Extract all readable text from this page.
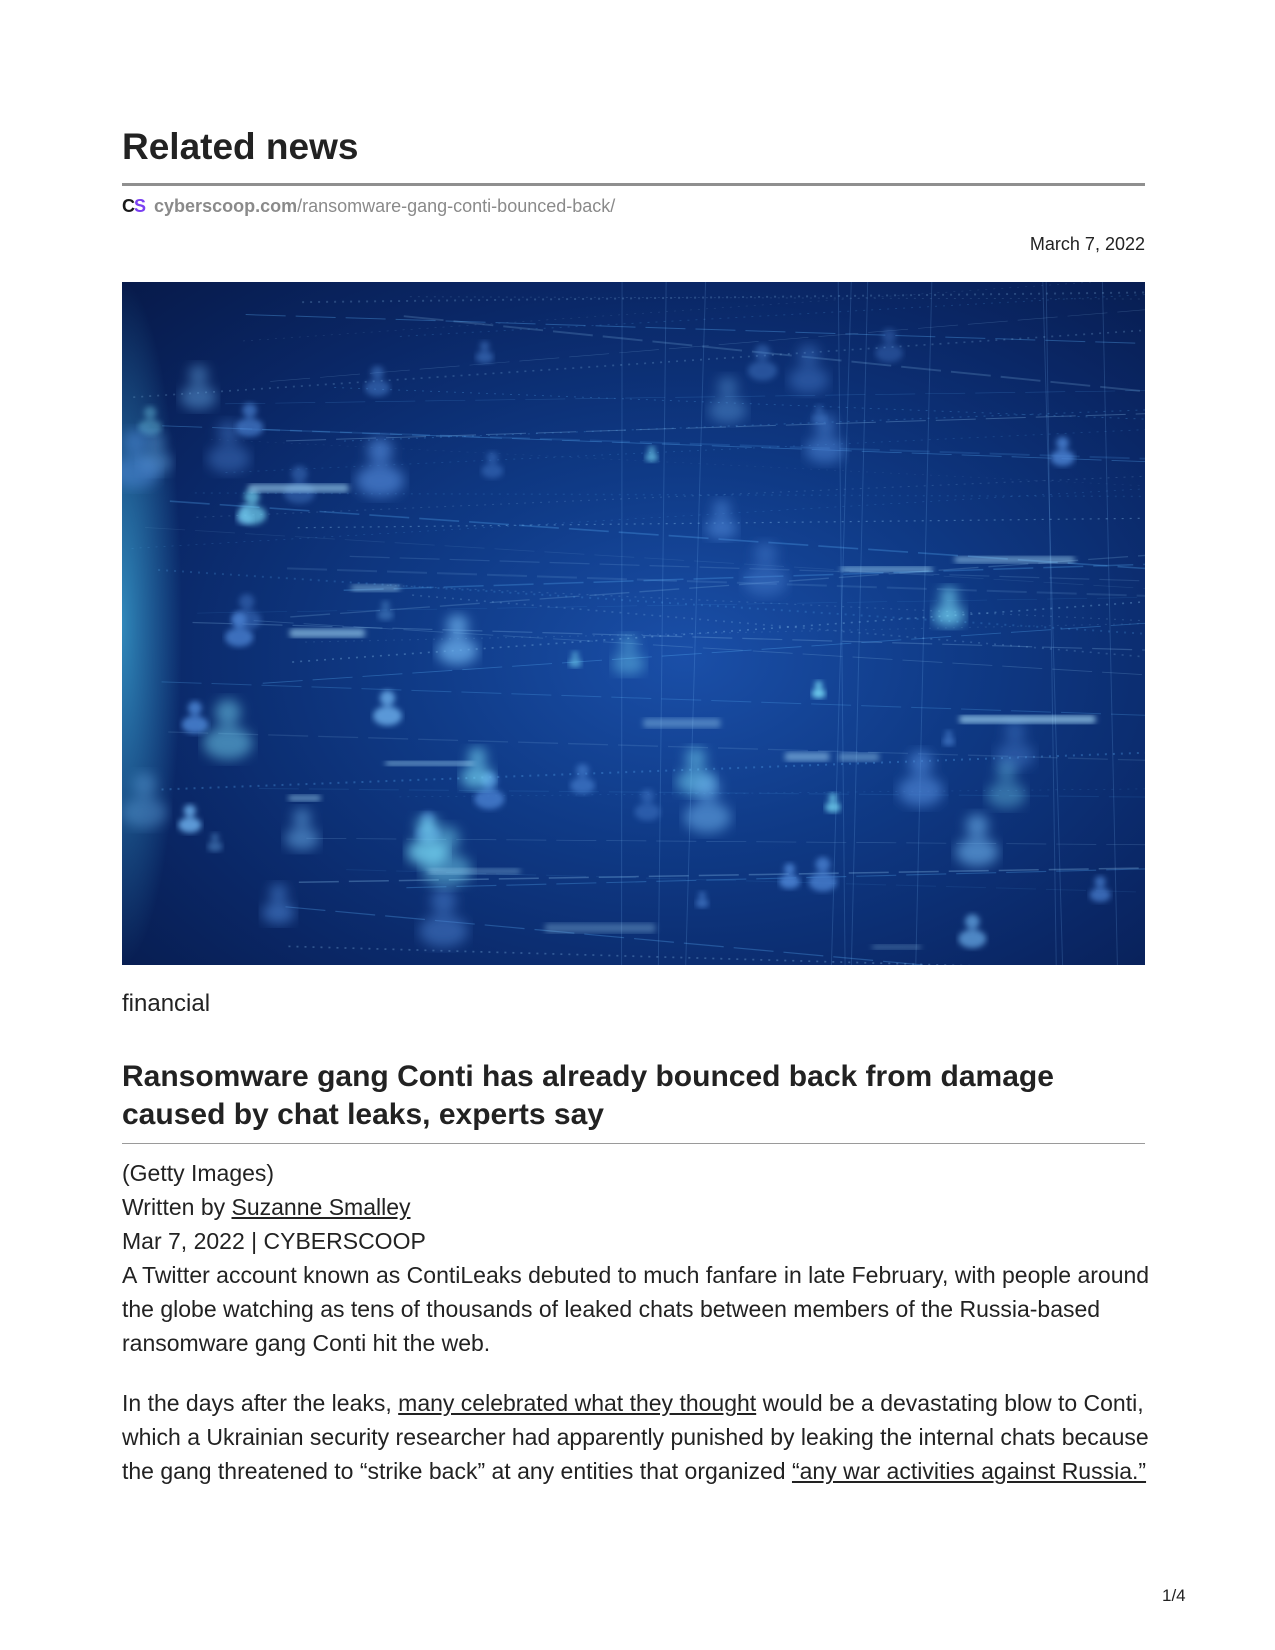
Related news
CS cyberscoop.com/ransomware-gang-conti-bounced-back/
March 7, 2022
financial
Ransomware gang Conti has already bounced back from damage caused by chat leaks, experts say
(Getty Images)
Written by Suzanne Smalley
Mar 7, 2022 | CYBERSCOOP

A Twitter account known as ContiLeaks debuted to much fanfare in late February, with people around the globe watching as tens of thousands of leaked chats between members of the Russia-based ransomware gang Conti hit the web.

In the days after the leaks, many celebrated what they thought would be a devastating blow to Conti, which a Ukrainian security researcher had apparently punished by leaking the internal chats because the gang threatened to “strike back” at any entities that organized “any war activities against Russia.”

1/4
